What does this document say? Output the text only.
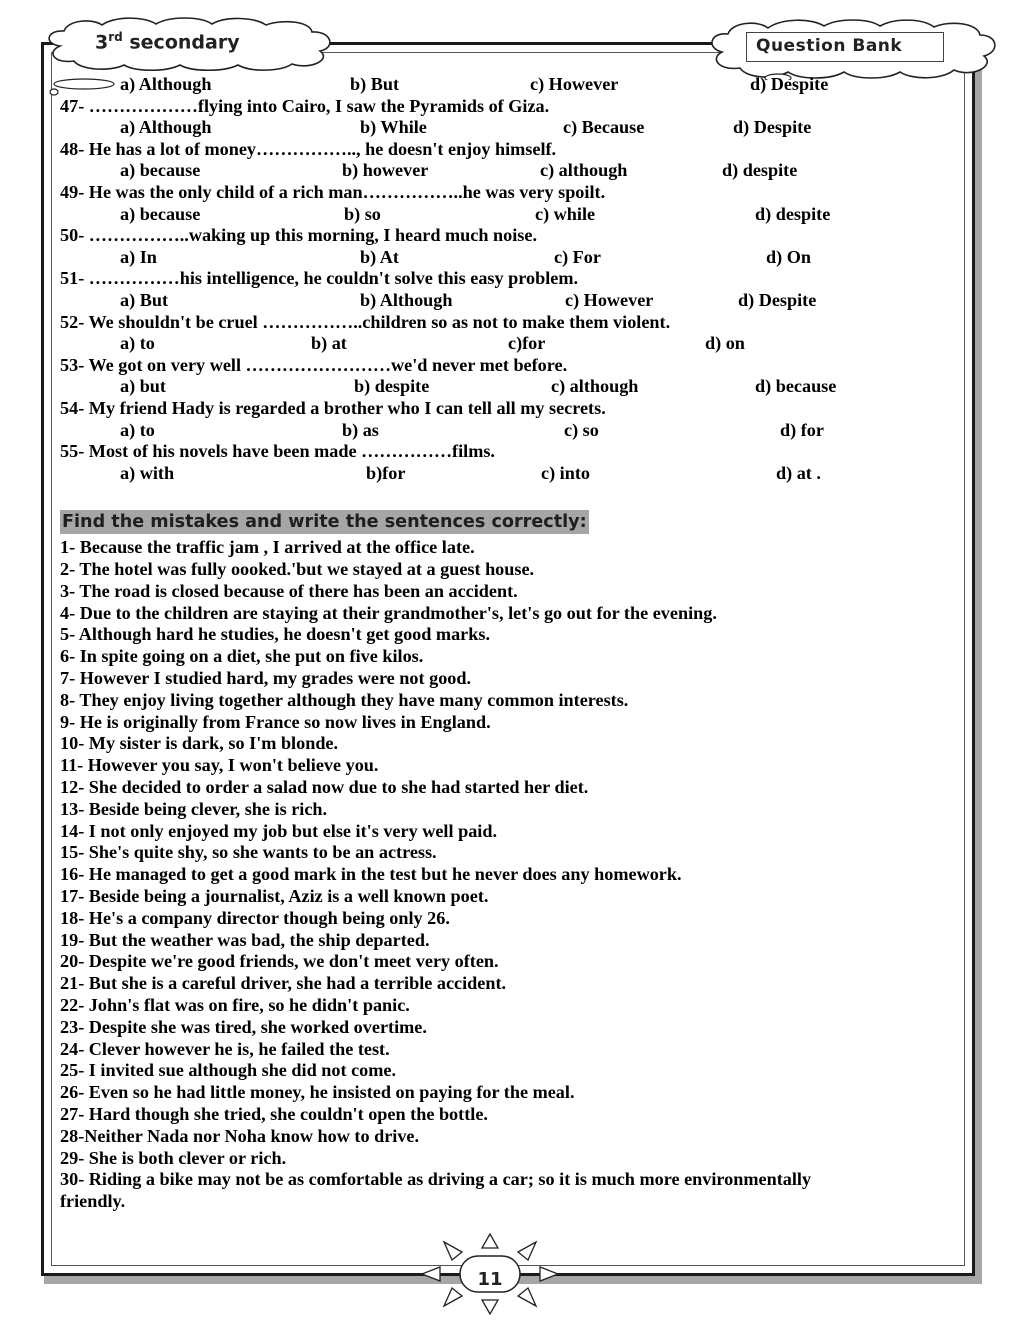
3rd secondary	Question Bank
a) Although	b) But	c) However	d) Despite
47- ………………flying into Cairo, I saw the Pyramids of Giza.
a) Although	b) While	c) Because	d) Despite
48- He has a lot of money…………….., he doesn't enjoy himself.
a) because	b) however	c) although	d) despite
49- He was the only child of a rich man……………..he was very spoilt.
a) because	b) so	c) while	d) despite
50- ……………..waking up this morning, I heard much noise.
a) In	b) At	c) For	d) On
51- ……………his intelligence, he couldn't solve this easy problem.
a) But	b) Although	c) However	d) Despite
52- We shouldn't be cruel ……………..children so as not to make them violent.
a) to	b) at	c)for	d) on
53- We got on very well ……………………we'd never met before.
a) but	b) despite	c) although	d) because
54- My friend Hady is regarded a brother who I can tell all my secrets.
a) to	b) as	c) so	d) for
55- Most of his novels have been made ……………films.
a) with	b)for	c) into	d) at .
Find the mistakes and write the sentences correctly:
1- Because the traffic jam , I arrived at the office late.
2- The hotel was fully oooked.'but we stayed at a guest house.
3- The road is closed because of there has been an accident.
4- Due to the children are staying at their grandmother's, let's go out for the evening.
5- Although hard he studies, he doesn't get good marks.
6- In spite going on a diet, she put on five kilos.
7- However I studied hard, my grades were not good.
8- They enjoy living together although they have many common interests.
9- He is originally from France so now lives in England.
10- My sister is dark, so I'm blonde.
11- However you say, I won't believe you.
12- She decided to order a salad now due to she had started her diet.
13- Beside being clever, she is rich.
14- I not only enjoyed my job but else it's very well paid.
15- She's quite shy, so she wants to be an actress.
16- He managed to get a good mark in the test but he never does any homework.
17- Beside being a journalist, Aziz is a well known poet.
18- He's a company director though being only 26.
19- But the weather was bad, the ship departed.
20- Despite we're good friends, we don't meet very often.
21- But she is a careful driver, she had a terrible accident.
22- John's flat was on fire, so he didn't panic.
23- Despite she was tired, she worked overtime.
24- Clever however he is, he failed the test.
25- I invited sue although she did not come.
26- Even so he had little money, he insisted on paying for the meal.
27- Hard though she tried, she couldn't open the bottle.
28-Neither Nada nor Noha know how to drive.
29- She is both clever or rich.
30- Riding a bike may not be as comfortable as driving a car; so it is much more environmentally friendly.
11
